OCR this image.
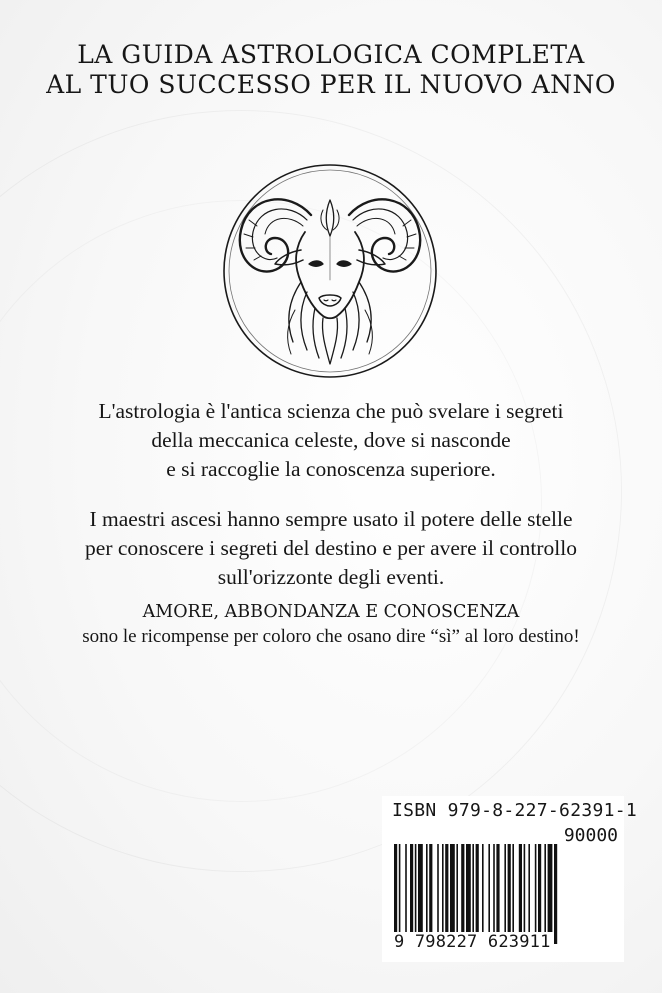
LA GUIDA ASTROLOGICA COMPLETA
AL TUO SUCCESSO PER IL NUOVO ANNO
L'astrologia è l'antica scienza che può svelare i segreti
della meccanica celeste, dove si nasconde
e si raccoglie la conoscenza superiore.
I maestri ascesi hanno sempre usato il potere delle stelle
per conoscere i segreti del destino e per avere il controllo
sull'orizzonte degli eventi.
AMORE, ABBONDANZA E CONOSCENZA
sono le ricompense per coloro che osano dire “sì” al loro destino!
ISBN 979-8-227-62391-1
90000
9 798227 623911
